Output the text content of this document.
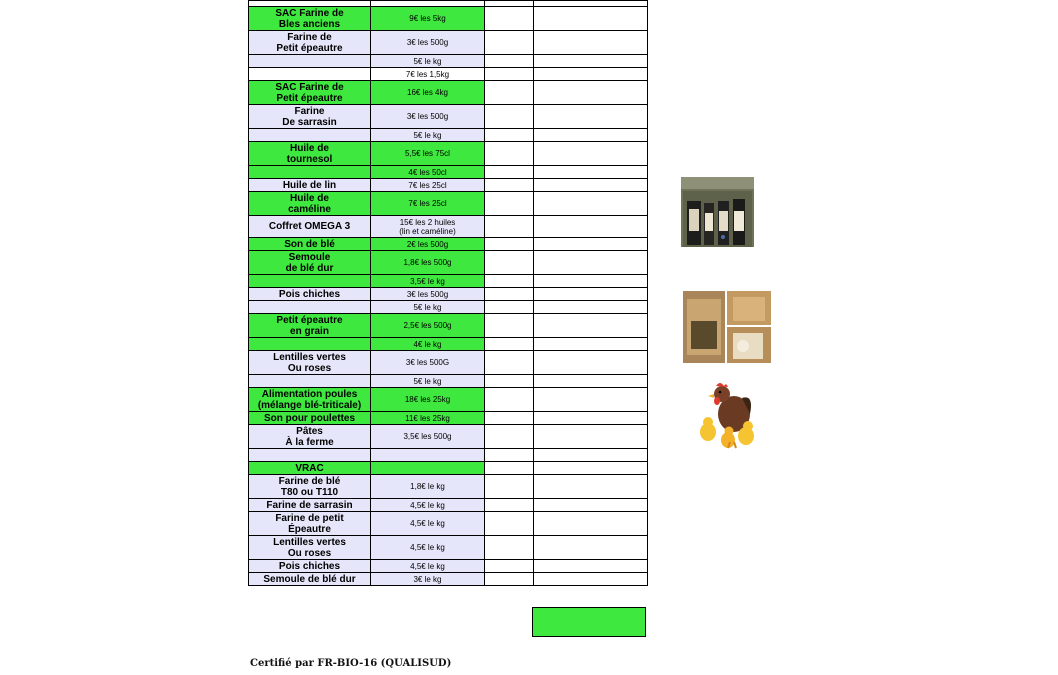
SAC Farine de
Bles anciens	9€ les 5kg		
Farine de
Petit épeautre	3€ les 500g		
	5€ le kg		
	7€ les 1,5kg		
SAC Farine de
Petit épeautre	16€ les 4kg		
Farine
De sarrasin	3€ les 500g		
	5€ le kg		
Huile de
tournesol	5,5€ les 75cl		
	4€ les 50cl		
Huile de lin	7€ les 25cl		
Huile de
caméline	7€ les 25cl		
Coffret OMEGA 3	15€ les 2 huiles
(lin et caméline)		
Son de blé	2€ les 500g		
Semoule
de blé dur	1,8€ les 500g		
	3,5€ le kg		
Pois chiches	3€ les 500g		
	5€ le kg		
Petit épeautre
en grain	2,5€ les 500g		
	4€ le kg		
Lentilles vertes
Ou roses	3€ les 500G		
	5€ le kg		
Alimentation poules
(mélange blé-triticale)	18€ les 25kg		
Son pour poulettes	11€ les 25kg		
Pâtes
À la ferme	3,5€ les 500g		

VRAC			
Farine de blé
T80 ou T110	1,8€ le kg		
Farine de sarrasin	4,5€ le kg		
Farine de petit
Épeautre	4,5€ le kg		
Lentilles vertes
Ou roses	4,5€ le kg		
Pois chiches	4,5€ le kg		
Semoule de blé dur	3€ le kg		
Certifié par FR-BIO-16 (QUALISUD)
